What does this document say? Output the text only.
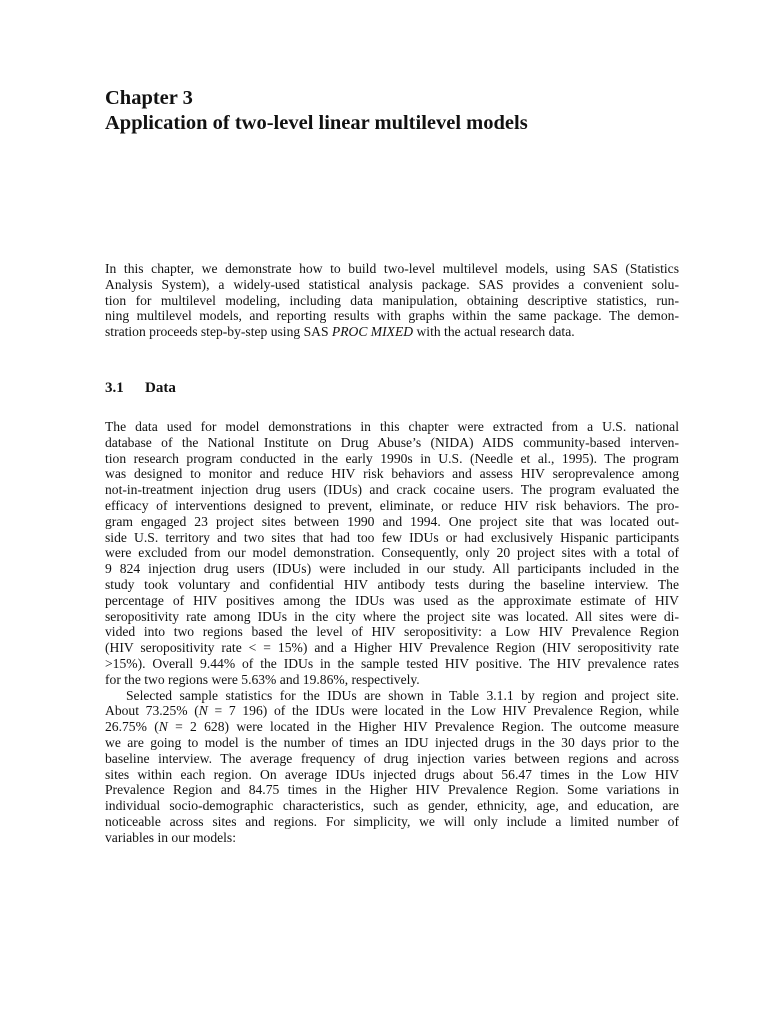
Chapter 3
Application of two-level linear multilevel models

In this chapter, we demonstrate how to build two-level multilevel models, using SAS (Statistics
Analysis System), a widely-used statistical analysis package. SAS provides a convenient solu-
tion for multilevel modeling, including data manipulation, obtaining descriptive statistics, run-
ning multilevel models, and reporting results with graphs within the same package. The demon-
stration proceeds step-by-step using SAS PROC MIXED with the actual research data.

3.1 Data

The data used for model demonstrations in this chapter were extracted from a U.S. national
database of the National Institute on Drug Abuse’s (NIDA) AIDS community-based interven-
tion research program conducted in the early 1990s in U.S. (Needle et al., 1995). The program
was designed to monitor and reduce HIV risk behaviors and assess HIV seroprevalence among
not-in-treatment injection drug users (IDUs) and crack cocaine users. The program evaluated the
efficacy of interventions designed to prevent, eliminate, or reduce HIV risk behaviors. The pro-
gram engaged 23 project sites between 1990 and 1994. One project site that was located out-
side U.S. territory and two sites that had too few IDUs or had exclusively Hispanic participants
were excluded from our model demonstration. Consequently, only 20 project sites with a total of
9 824 injection drug users (IDUs) were included in our study. All participants included in the
study took voluntary and confidential HIV antibody tests during the baseline interview. The
percentage of HIV positives among the IDUs was used as the approximate estimate of HIV
seropositivity rate among IDUs in the city where the project site was located. All sites were di-
vided into two regions based the level of HIV seropositivity: a Low HIV Prevalence Region
(HIV seropositivity rate < = 15%) and a Higher HIV Prevalence Region (HIV seropositivity rate
>15%). Overall 9.44% of the IDUs in the sample tested HIV positive. The HIV prevalence rates
for the two regions were 5.63% and 19.86%, respectively.

Selected sample statistics for the IDUs are shown in Table 3.1.1 by region and project site.
About 73.25% (N = 7 196) of the IDUs were located in the Low HIV Prevalence Region, while
26.75% (N = 2 628) were located in the Higher HIV Prevalence Region. The outcome measure
we are going to model is the number of times an IDU injected drugs in the 30 days prior to the
baseline interview. The average frequency of drug injection varies between regions and across
sites within each region. On average IDUs injected drugs about 56.47 times in the Low HIV
Prevalence Region and 84.75 times in the Higher HIV Prevalence Region. Some variations in
individual socio-demographic characteristics, such as gender, ethnicity, age, and education, are
noticeable across sites and regions. For simplicity, we will only include a limited number of
variables in our models:
